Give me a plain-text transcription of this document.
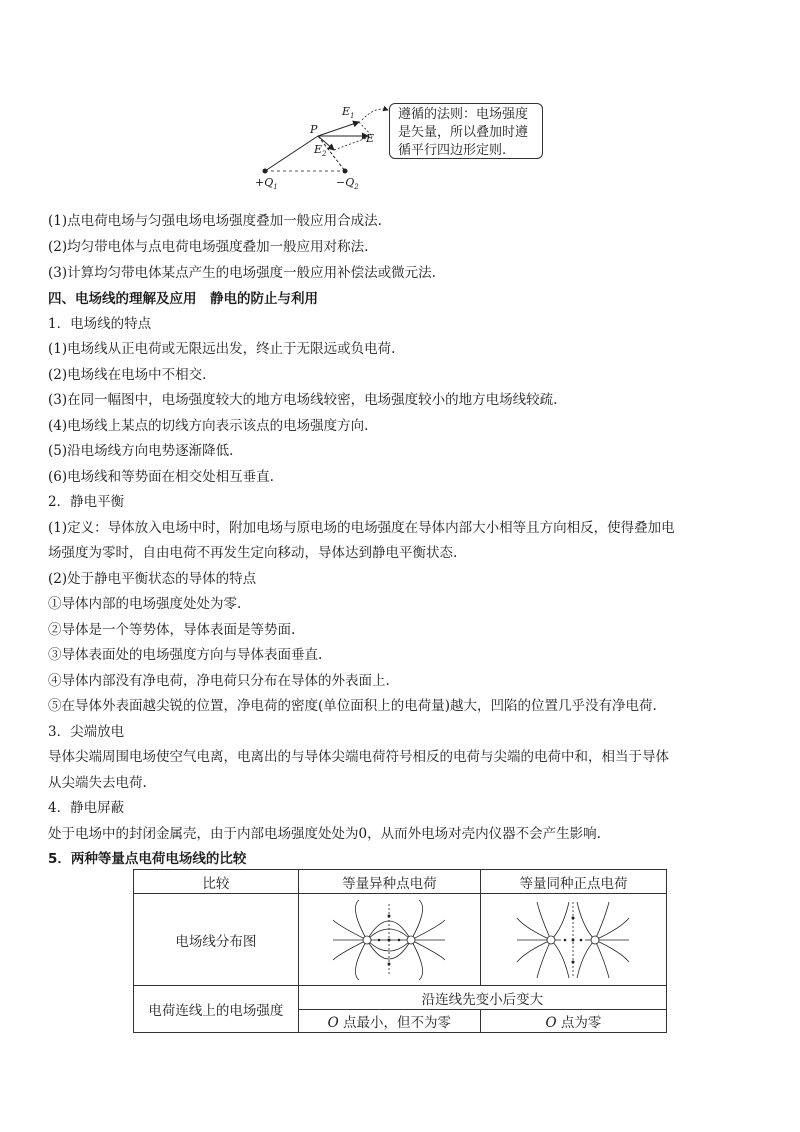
$E_1$
P
E
$E_2$
$+Q_1$	$-Q_2$
遵循的法则：电场强度是矢量，所以叠加时遵循平行四边形定则.
(1)点电荷电场与匀强电场电场强度叠加一般应用合成法.
(2)均匀带电体与点电荷电场强度叠加一般应用对称法.
(3)计算均匀带电体某点产生的电场强度一般应用补偿法或微元法.
四、电场线的理解及应用　静电的防止与利用
1．电场线的特点
(1)电场线从正电荷或无限远出发，终止于无限远或负电荷.
(2)电场线在电场中不相交.
(3)在同一幅图中，电场强度较大的地方电场线较密，电场强度较小的地方电场线较疏.
(4)电场线上某点的切线方向表示该点的电场强度方向.
(5)沿电场线方向电势逐渐降低.
(6)电场线和等势面在相交处相互垂直.
2．静电平衡
(1)定义：导体放入电场中时，附加电场与原电场的电场强度在导体内部大小相等且方向相反，使得叠加电
场强度为零时，自由电荷不再发生定向移动，导体达到静电平衡状态.
(2)处于静电平衡状态的导体的特点
①导体内部的电场强度处处为零.
②导体是一个等势体，导体表面是等势面.
③导体表面处的电场强度方向与导体表面垂直.
④导体内部没有净电荷，净电荷只分布在导体的外表面上.
⑤在导体外表面越尖锐的位置，净电荷的密度(单位面积上的电荷量)越大，凹陷的位置几乎没有净电荷.
3．尖端放电
导体尖端周围电场使空气电离，电离出的与导体尖端电荷符号相反的电荷与尖端的电荷中和，相当于导体
从尖端失去电荷.
4．静电屏蔽
处于电场中的封闭金属壳，由于内部电场强度处处为0，从而外电场对壳内仪器不会产生影响.
5．两种等量点电荷电场线的比较
比较	等量异种点电荷	等量同种正点电荷
电场线分布图	

电荷连线上的电场强度	沿连线先变小后变大	
	O 点最小，但不为零	O 点为零
